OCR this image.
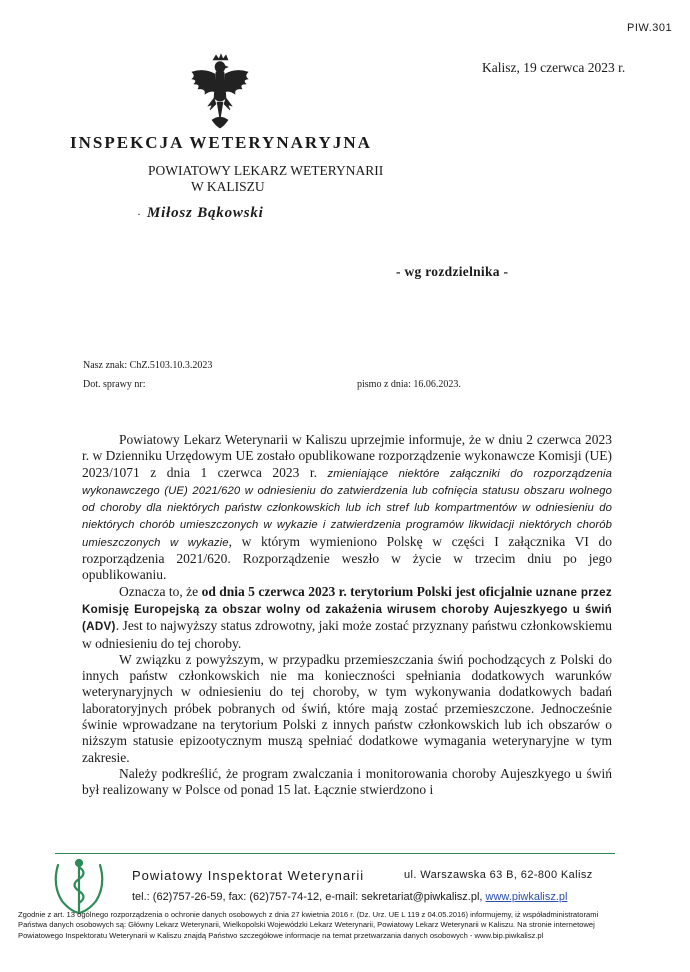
PIW.301
Kalisz, 19 czerwca 2023 r.
INSPEKCJA WETERYNARYJNA
POWIATOWY LEKARZ WETERYNARII
W KALISZU
· Miłosz Bąkowski
- wg rozdzielnika -
Nasz znak: ChZ.5103.10.3.2023
Dot. sprawy nr:	pismo z dnia: 16.06.2023.

Powiatowy Lekarz Weterynarii w Kaliszu uprzejmie informuje, że w dniu 2 czerwca 2023 r. w Dzienniku Urzędowym UE zostało opublikowane rozporządzenie wykonawcze Komisji (UE) 2023/1071 z dnia 1 czerwca 2023 r. zmieniające niektóre załączniki do rozporządzenia wykonawczego (UE) 2021/620 w odniesieniu do zatwierdzenia lub cofnięcia statusu obszaru wolnego od choroby dla niektórych państw członkowskich lub ich stref lub kompartmentów w odniesieniu do niektórych chorób umieszczonych w wykazie i zatwierdzenia programów likwidacji niektórych chorób umieszczonych w wykazie, w którym wymieniono Polskę w części I załącznika VI do rozporządzenia 2021/620. Rozporządzenie weszło w życie w trzecim dniu po jego opublikowaniu.

Oznacza to, że od dnia 5 czerwca 2023 r. terytorium Polski jest oficjalnie uznane przez Komisję Europejską za obszar wolny od zakażenia wirusem choroby Aujeszkyego u świń (ADV). Jest to najwyższy status zdrowotny, jaki może zostać przyznany państwu członkowskiemu w odniesieniu do tej choroby.

W związku z powyższym, w przypadku przemieszczania świń pochodzących z Polski do innych państw członkowskich nie ma konieczności spełniania dodatkowych warunków weterynaryjnych w odniesieniu do tej choroby, w tym wykonywania dodatkowych badań laboratoryjnych próbek pobranych od świń, które mają zostać przemieszczone. Jednocześnie świnie wprowadzane na terytorium Polski z innych państw członkowskich lub ich obszarów o niższym statusie epizootycznym muszą spełniać dodatkowe wymagania weterynaryjne w tym zakresie.

Należy podkreślić, że program zwalczania i monitorowania choroby Aujeszkyego u świń był realizowany w Polsce od ponad 15 lat. Łącznie stwierdzono i

Powiatowy Inspektorat Weterynarii	ul. Warszawska 63 B, 62-800 Kalisz
tel.: (62)757-26-59, fax: (62)757-74-12, e-mail: sekretariat@piwkalisz.pl, www.piwkalisz.pl
Zgodnie z art. 13 ogólnego rozporządzenia o ochronie danych osobowych z dnia 27 kwietnia 2016 r. (Dz. Urz. UE L 119 z 04.05.2016) informujemy, iż współadministratorami Państwa danych osobowych są: Główny Lekarz Weterynarii, Wielkopolski Wojewódzki Lekarz Weterynarii, Powiatowy Lekarz Weterynarii w Kaliszu. Na stronie internetowej Powiatowego Inspektoratu Weterynarii w Kaliszu znajdą Państwo szczegółowe informacje na temat przetwarzania danych osobowych - www.bip.piwkalisz.pl
